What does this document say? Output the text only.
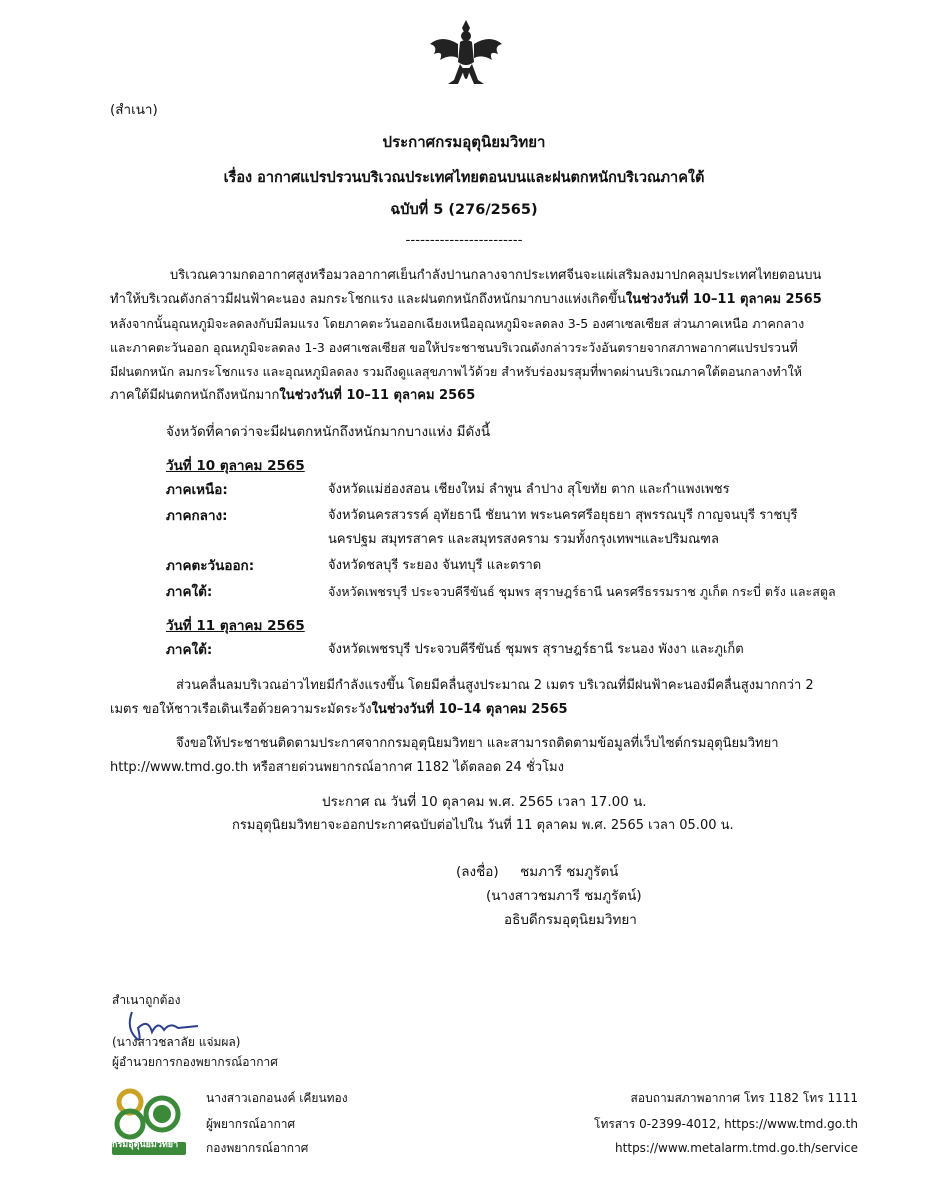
(สำเนา)
ประกาศกรมอุตุนิยมวิทยา
เรื่อง อากาศแปรปรวนบริเวณประเทศไทยตอนบนและฝนตกหนักบริเวณภาคใต้
ฉบับที่ 5 (276/2565)
------------------------
บริเวณความกดอากาศสูงหรือมวลอากาศเย็นกำลังปานกลางจากประเทศจีนจะแผ่เสริมลงมาปกคลุมประเทศไทยตอนบน
ทำให้บริเวณดังกล่าวมีฝนฟ้าคะนอง ลมกระโชกแรง และฝนตกหนักถึงหนักมากบางแห่งเกิดขึ้นในช่วงวันที่ 10–11 ตุลาคม 2565
หลังจากนั้นอุณหภูมิจะลดลงกับมีลมแรง โดยภาคตะวันออกเฉียงเหนืออุณหภูมิจะลดลง 3-5 องศาเซลเซียส ส่วนภาคเหนือ ภาคกลาง
และภาคตะวันออก อุณหภูมิจะลดลง 1-3 องศาเซลเซียส ขอให้ประชาชนบริเวณดังกล่าวระวังอันตรายจากสภาพอากาศแปรปรวนที่
มีฝนตกหนัก ลมกระโชกแรง และอุณหภูมิลดลง รวมถึงดูแลสุขภาพไว้ด้วย สำหรับร่องมรสุมที่พาดผ่านบริเวณภาคใต้ตอนกลางทำให้
ภาคใต้มีฝนตกหนักถึงหนักมากในช่วงวันที่ 10–11 ตุลาคม 2565
จังหวัดที่คาดว่าจะมีฝนตกหนักถึงหนักมากบางแห่ง มีดังนี้
วันที่ 10 ตุลาคม 2565
ภาคเหนือ:	จังหวัดแม่ฮ่องสอน เชียงใหม่ ลำพูน ลำปาง สุโขทัย ตาก และกำแพงเพชร
ภาคกลาง:	จังหวัดนครสวรรค์ อุทัยธานี ชัยนาท พระนครศรีอยุธยา สุพรรณบุรี กาญจนบุรี ราชบุรี
นครปฐม สมุทรสาคร และสมุทรสงคราม รวมทั้งกรุงเทพฯและปริมณฑล
ภาคตะวันออก:	จังหวัดชลบุรี ระยอง จันทบุรี และตราด
ภาคใต้:	จังหวัดเพชรบุรี ประจวบคีรีขันธ์ ชุมพร สุราษฎร์ธานี นครศรีธรรมราช ภูเก็ต กระบี่ ตรัง และสตูล
วันที่ 11 ตุลาคม 2565
ภาคใต้:	จังหวัดเพชรบุรี ประจวบคีรีขันธ์ ชุมพร สุราษฎร์ธานี ระนอง พังงา และภูเก็ต
ส่วนคลื่นลมบริเวณอ่าวไทยมีกำลังแรงขึ้น โดยมีคลื่นสูงประมาณ 2 เมตร บริเวณที่มีฝนฟ้าคะนองมีคลื่นสูงมากกว่า 2
เมตร ขอให้ชาวเรือเดินเรือด้วยความระมัดระวังในช่วงวันที่ 10–14 ตุลาคม 2565
จึงขอให้ประชาชนติดตามประกาศจากกรมอุตุนิยมวิทยา และสามารถติดตามข้อมูลที่เว็บไซต์กรมอุตุนิยมวิทยา
http://www.tmd.go.th หรือสายด่วนพยากรณ์อากาศ 1182 ได้ตลอด 24 ชั่วโมง
ประกาศ ณ วันที่ 10 ตุลาคม พ.ศ. 2565 เวลา 17.00 น.
กรมอุตุนิยมวิทยาจะออกประกาศฉบับต่อไปใน วันที่ 11 ตุลาคม พ.ศ. 2565 เวลา 05.00 น.
(ลงชื่อ)     ชมภารี ชมภูรัตน์
(นางสาวชมภารี ชมภูรัตน์)
อธิบดีกรมอุตุนิยมวิทยา
สำเนาถูกต้อง
(นางสาวชลาลัย แจ่มผล)
ผู้อำนวยการกองพยากรณ์อากาศ
กรมอุตุนิยมวิทยา
นางสาวเอกอนงค์ เคียนทอง
ผู้พยากรณ์อากาศ
กองพยากรณ์อากาศ
สอบถามสภาพอากาศ โทร 1182 โทร 1111
โทรสาร 0-2399-4012, https://www.tmd.go.th
https://www.metalarm.tmd.go.th/service
